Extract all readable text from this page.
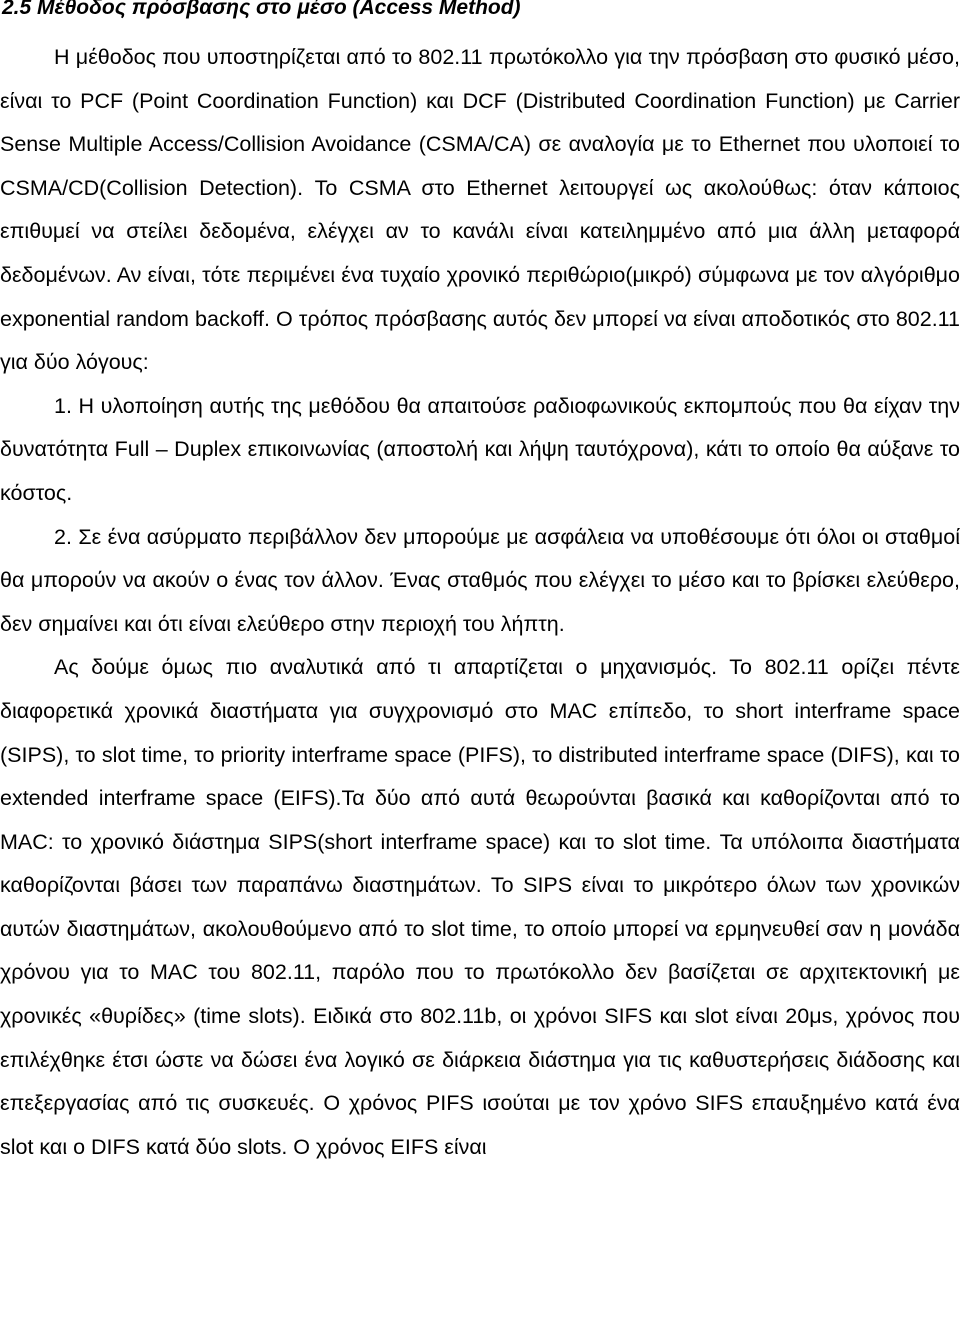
2.5 Μέθοδος πρόσβασης στο μέσο (Access Method)

Η μέθοδος που υποστηρίζεται από το 802.11 πρωτόκολλο για την πρόσβαση στο φυσικό μέσο, είναι το PCF (Point Coordination Function) και DCF (Distributed Coordination Function) με Carrier Sense Multiple Access/Collision Avoidance (CSMA/CA) σε αναλογία με το Ethernet που υλοποιεί το CSMA/CD(Collision Detection). Το CSMA στο Ethernet λειτουργεί ως ακολούθως: όταν κάποιος επιθυμεί να στείλει δεδομένα, ελέγχει αν το κανάλι είναι κατειλημμένο από μια άλλη μεταφορά δεδομένων. Αν είναι, τότε περιμένει ένα τυχαίο χρονικό περιθώριο(μικρό) σύμφωνα με τον αλγόριθμο exponential random backoff. Ο τρόπος πρόσβασης αυτός δεν μπορεί να είναι αποδοτικός στο 802.11 για δύο λόγους:

1. Η υλοποίηση αυτής της μεθόδου θα απαιτούσε ραδιοφωνικούς εκπομπούς που θα είχαν την δυνατότητα Full – Duplex επικοινωνίας (αποστολή και λήψη ταυτόχρονα), κάτι το οποίο θα αύξανε το κόστος.

2. Σε ένα ασύρματο περιβάλλον δεν μπορούμε με ασφάλεια να υποθέσουμε ότι όλοι οι σταθμοί θα μπορούν να ακούν ο ένας τον άλλον. Ένας σταθμός που ελέγχει το μέσο και το βρίσκει ελεύθερο, δεν σημαίνει και ότι είναι ελεύθερο στην περιοχή του λήπτη.

Ας δούμε όμως πιο αναλυτικά από τι απαρτίζεται ο μηχανισμός. Το 802.11 ορίζει πέντε διαφορετικά χρονικά διαστήματα για συγχρονισμό στο MAC επίπεδο, το short interframe space (SIPS), το slot time, το priority interframe space (PIFS), το distributed interframe space (DIFS), και το extended interframe space (EIFS).Τα δύο από αυτά θεωρούνται βασικά και καθορίζονται από το MAC: το χρονικό διάστημα SIPS(short interframe space) και το slot time. Τα υπόλοιπα διαστήματα καθορίζονται βάσει των παραπάνω διαστημάτων. Το SIPS είναι το μικρότερο όλων των χρονικών αυτών διαστημάτων, ακολουθούμενο από το slot time, το οποίο μπορεί να ερμηνευθεί σαν η μονάδα χρόνου για το MAC του 802.11, παρόλο που το πρωτόκολλο δεν βασίζεται σε αρχιτεκτονική με χρονικές «θυρίδες» (time slots). Ειδικά στο 802.11b, οι χρόνοι SIFS και slot είναι 20μs, χρόνος που επιλέχθηκε έτσι ώστε να δώσει ένα λογικό σε διάρκεια διάστημα για τις καθυστερήσεις διάδοσης και επεξεργασίας από τις συσκευές. Ο χρόνος PIFS ισούται με τον χρόνο SIFS επαυξημένο κατά ένα slot και ο DIFS κατά δύο slots. Ο χρόνος EIFS είναι
